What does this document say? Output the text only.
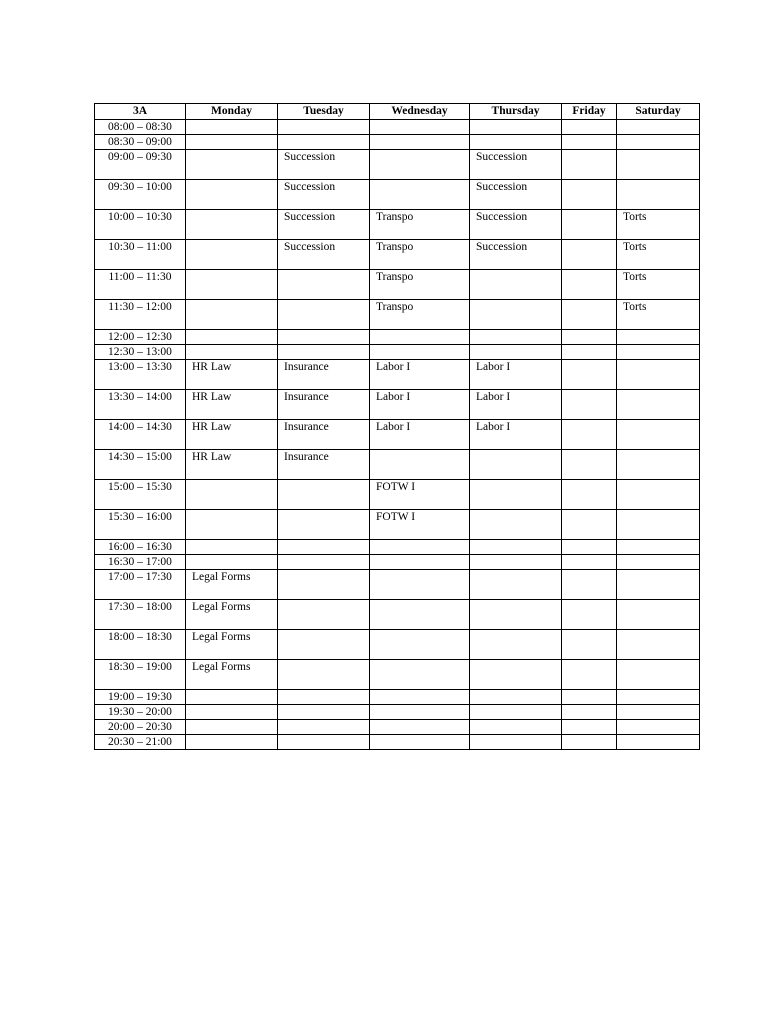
3A	Monday	Tuesday	Wednesday	Thursday	Friday	Saturday
08:00 – 08:30						
08:30 – 09:00						
09:00 – 09:30		Succession		Succession		
09:30 – 10:00		Succession		Succession		
10:00 – 10:30		Succession	Transpo	Succession		Torts
10:30 – 11:00		Succession	Transpo	Succession		Torts
11:00 – 11:30			Transpo			Torts
11:30 – 12:00			Transpo			Torts
12:00 – 12:30						
12:30 – 13:00						
13:00 – 13:30	HR Law	Insurance	Labor I	Labor I		
13:30 – 14:00	HR Law	Insurance	Labor I	Labor I		
14:00 – 14:30	HR Law	Insurance	Labor I	Labor I		
14:30 – 15:00	HR Law	Insurance				
15:00 – 15:30			FOTW I			
15:30 – 16:00			FOTW I			
16:00 – 16:30						
16:30 – 17:00						
17:00 – 17:30	Legal Forms					
17:30 – 18:00	Legal Forms					
18:00 – 18:30	Legal Forms					
18:30 – 19:00	Legal Forms					
19:00 – 19:30						
19:30 – 20:00						
20:00 – 20:30						
20:30 – 21:00						
